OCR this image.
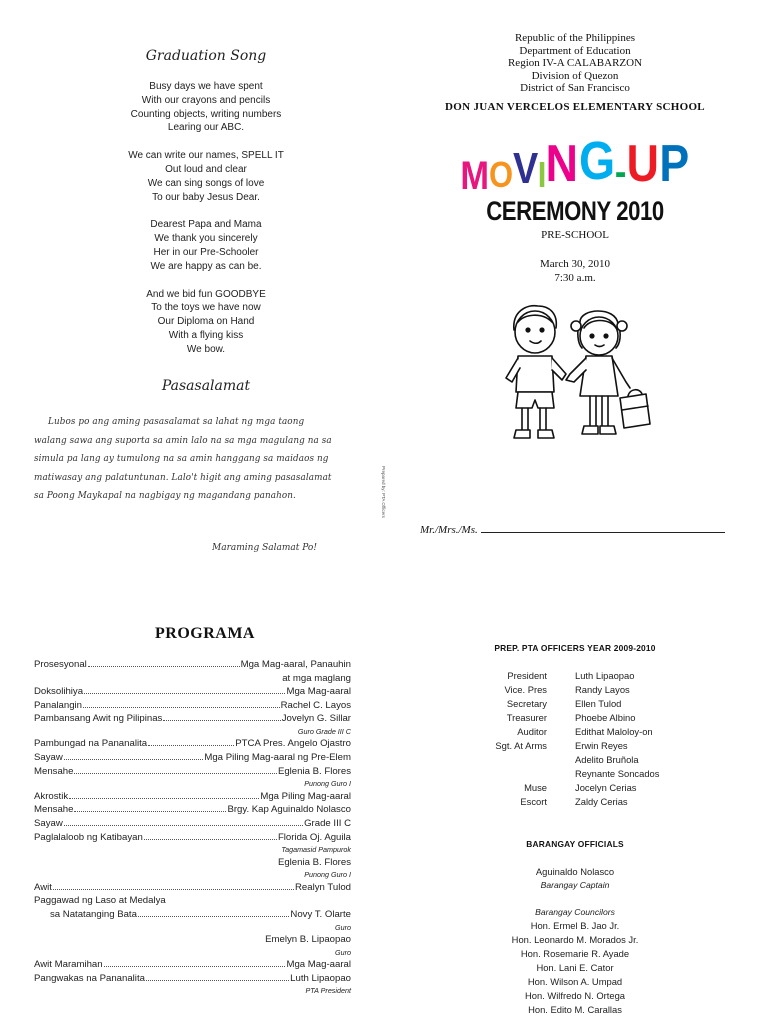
Graduation Song
Busy days we have spent
With our crayons and pencils
Counting objects, writing numbers
Learing our ABC.
We can write our names, SPELL IT
Out loud and clear
We can sing songs of love
To our baby Jesus Dear.
Dearest Papa and Mama
We thank you sincerely
Her in our Pre-Schooler
We are happy as can be.
And we bid fun GOODBYE
To the toys we have now
Our Diploma on Hand
With a flying kiss
We bow.
Pasasalamat
Lubos po ang aming pasasalamat sa lahat ng mga taong walang sawa ang suporta sa amin lalo na sa mga magulang na sa simula pa lang ay tumulong na sa amin hanggang sa maidaos ng matiwasay ang palatuntunan. Lalo't higit ang aming pasasalamat sa Poong Maykapal na nagbigay ng magandang panahon.
Maraming Salamat Po!
Prepared by: PTA Officers
Republic of the Philippines
Department of Education
Region IV-A CALABARZON
Division of Quezon
District of San Francisco
DON JUAN VERCELOS ELEMENTARY SCHOOL
MOVING-UP
CEREMONY 2010
PRE-SCHOOL
March 30, 2010
7:30 a.m.
Mr./Mrs./Ms.
PROGRAMA
Prosesyonal	Mga Mag-aaral, Panauhin
at mga maglang
Doksolihiya	Mga Mag-aaral
Panalangin	Rachel C. Layos
Pambansang Awit ng Pilipinas	Jovelyn G. Sillar
Guro Grade III C
Pambungad na Pananalita	PTCA Pres. Angelo Ojastro
Sayaw	Mga Piling Mag-aaral ng Pre-Elem
Mensahe	Eglenia B. Flores
Punong Guro I
Akrostik	Mga Piling Mag-aaral
Mensahe	Brgy. Kap Aguinaldo Nolasco
Sayaw	Grade III C
Paglalaloob ng Katibayan	Florida Oj. Aguila
Tagamasid Pampurok
Eglenia B. Flores
Punong Guro I
Awit	Realyn Tulod
Paggawad ng Laso at Medalya
sa Natatanging Bata	Novy T. Olarte
Guro
Emelyn B. Lipaopao
Guro
Awit Maramihan	Mga Mag-aaral
Pangwakas na Pananalita	Luth Lipaopao
PTA President
PREP. PTA OFFICERS YEAR 2009-2010
President	Luth Lipaopao
Vice. Pres	Randy Layos
Secretary	Ellen Tulod
Treasurer	Phoebe Albino
Auditor	Edithat Maloloy-on
Sgt. At Arms	Erwin Reyes
Adelito Bruñola
Reynante Soncados
Muse	Jocelyn Cerias
Escort	Zaldy Cerias
BARANGAY OFFICIALS
Aguinaldo Nolasco
Barangay Captain
Barangay Councilors
Hon. Ermel B. Jao Jr.
Hon. Leonardo M. Morados Jr.
Hon. Rosemarie R. Ayade
Hon. Lani E. Cator
Hon. Wilson A. Umpad
Hon. Wilfredo N. Ortega
Hon. Edito M. Carallas
